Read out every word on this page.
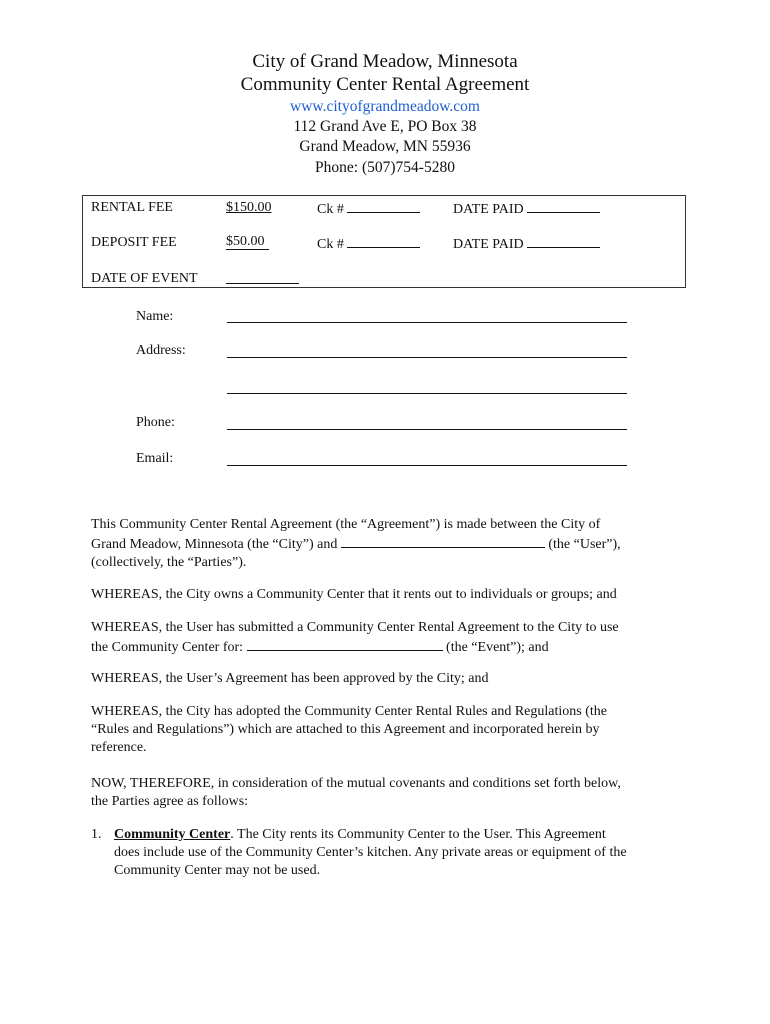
City of Grand Meadow, Minnesota
Community Center Rental Agreement
www.cityofgrandmeadow.com
112 Grand Ave E, PO Box 38
Grand Meadow, MN 55936
Phone: (507)754-5280
RENTAL FEE	$150.00	Ck #	DATE PAID
DEPOSIT FEE	$50.00	Ck #	DATE PAID
DATE OF EVENT
Name:
Address:
Phone:
Email:
This Community Center Rental Agreement (the “Agreement”) is made between the City of
Grand Meadow, Minnesota (the “City”) and	(the “User”),
(collectively, the “Parties”).
WHEREAS, the City owns a Community Center that it rents out to individuals or groups; and
WHEREAS, the User has submitted a Community Center Rental Agreement to the City to use
the Community Center for:	(the “Event”); and
WHEREAS, the User’s Agreement has been approved by the City; and
WHEREAS, the City has adopted the Community Center Rental Rules and Regulations (the
“Rules and Regulations”) which are attached to this Agreement and incorporated herein by
reference.
NOW, THEREFORE, in consideration of the mutual covenants and conditions set forth below,
the Parties agree as follows:
1. Community Center. The City rents its Community Center to the User. This Agreement
does include use of the Community Center’s kitchen. Any private areas or equipment of the
Community Center may not be used.
